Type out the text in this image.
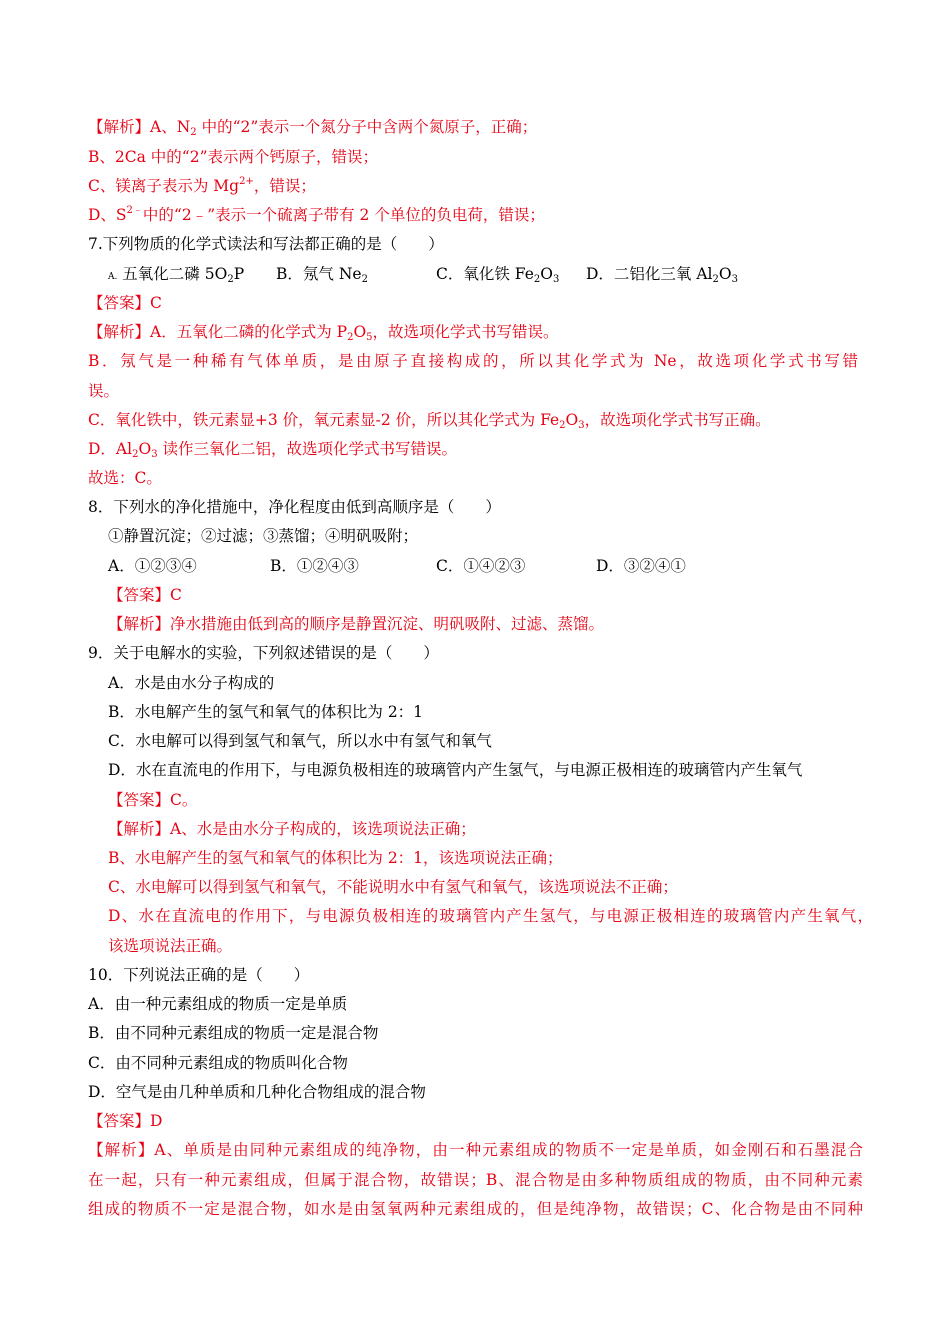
【解析】A、$N_2$ 中的“2”表示一个氮分子中含两个氮原子，正确；
B、2Ca 中的“2”表示两个钙原子，错误；
C、镁离子表示为 $Mg^{2+}$，错误；
D、$S^{2﹣}$中的“2﹣”表示一个硫离子带有 2 个单位的负电荷，错误；
7.下列物质的化学式读法和写法都正确的是（　　）
A. 五氧化二磷 $5O_2P$ B．氖气 $Ne_2$	C．氧化铁 $Fe_2O_3$ D．二铝化三氧 $Al_2O_3$
【答案】C
【解析】A．五氧化二磷的化学式为 $P_2O_5$，故选项化学式书写错误。
B．氖气是一种稀有气体单质，是由原子直接构成的，所以其化学式为 Ne，故选项化学式书写错
误。
C．氧化铁中，铁元素显+3 价，氧元素显-2 价，所以其化学式为 $Fe_2O_3$，故选项化学式书写正确。
D．$Al_2O_3$ 读作三氧化二铝，故选项化学式书写错误。
故选：C。
8．下列水的净化措施中，净化程度由低到高顺序是（　　）
①静置沉淀；②过滤；③蒸馏；④明矾吸附；
A．①②③④	B．①②④③	C．①④②③	D．③②④①
【答案】C
【解析】净水措施由低到高的顺序是静置沉淀、明矾吸附、过滤、蒸馏。
9．关于电解水的实验，下列叙述错误的是（　　）
A．水是由水分子构成的
B．水电解产生的氢气和氧气的体积比为 2：1
C．水电解可以得到氢气和氧气，所以水中有氢气和氧气
D．水在直流电的作用下，与电源负极相连的玻璃管内产生氢气，与电源正极相连的玻璃管内产生氧气
【答案】C。
【解析】A、水是由水分子构成的，该选项说法正确；
B、水电解产生的氢气和氧气的体积比为 2：1，该选项说法正确；
C、水电解可以得到氢气和氧气，不能说明水中有氢气和氧气，该选项说法不正确；
D、水在直流电的作用下，与电源负极相连的玻璃管内产生氢气，与电源正极相连的玻璃管内产生氧气，
该选项说法正确。
10．下列说法正确的是（　　）
A．由一种元素组成的物质一定是单质
B．由不同种元素组成的物质一定是混合物
C．由不同种元素组成的物质叫化合物
D．空气是由几种单质和几种化合物组成的混合物
【答案】D
【解析】A、单质是由同种元素组成的纯净物，由一种元素组成的物质不一定是单质，如金刚石和石墨混合
在一起，只有一种元素组成，但属于混合物，故错误；B、混合物是由多种物质组成的物质，由不同种元素
组成的物质不一定是混合物，如水是由氢氧两种元素组成的，但是纯净物，故错误；C、化合物是由不同种
